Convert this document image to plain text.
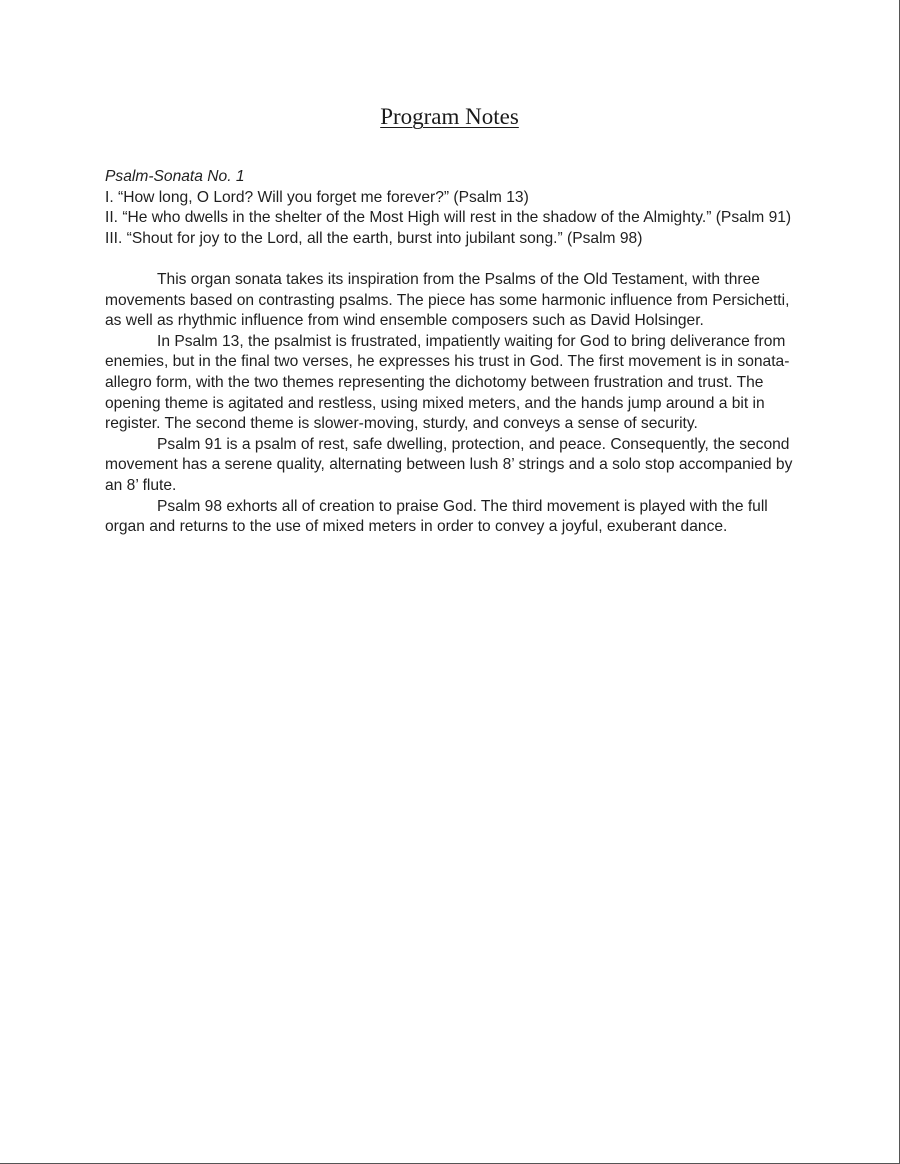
Program Notes

Psalm-Sonata No. 1

I. “How long, O Lord? Will you forget me forever?” (Psalm 13)

II. “He who dwells in the shelter of the Most High will rest in the shadow of the Almighty.” (Psalm 91)

III. “Shout for joy to the Lord, all the earth, burst into jubilant song.” (Psalm 98)

This organ sonata takes its inspiration from the Psalms of the Old Testament, with three movements based on contrasting psalms. The piece has some harmonic influence from Persichetti, as well as rhythmic influence from wind ensemble composers such as David Holsinger.

In Psalm 13, the psalmist is frustrated, impatiently waiting for God to bring deliverance from enemies, but in the final two verses, he expresses his trust in God. The first movement is in sonata-allegro form, with the two themes representing the dichotomy between frustration and trust. The opening theme is agitated and restless, using mixed meters, and the hands jump around a bit in register. The second theme is slower-moving, sturdy, and conveys a sense of security.

Psalm 91 is a psalm of rest, safe dwelling, protection, and peace. Consequently, the second movement has a serene quality, alternating between lush 8’ strings and a solo stop accompanied by an 8’ flute.

Psalm 98 exhorts all of creation to praise God. The third movement is played with the full organ and returns to the use of mixed meters in order to convey a joyful, exuberant dance.
